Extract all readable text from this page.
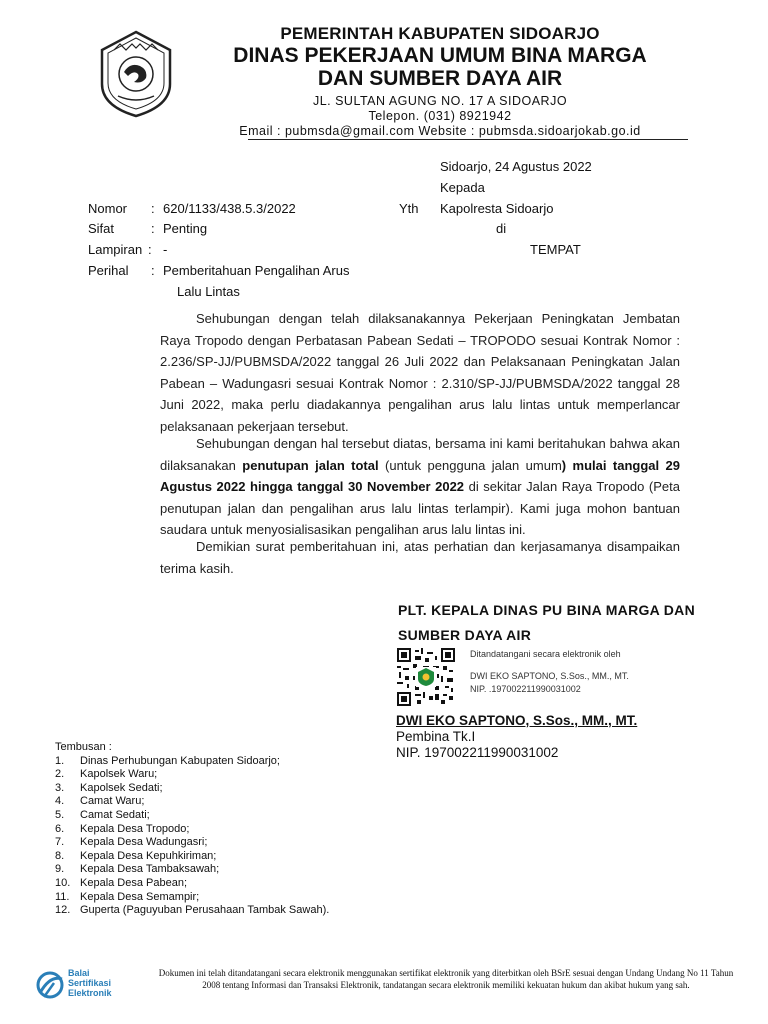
PEMERINTAH KABUPATEN SIDOARJO
DINAS PEKERJAAN UMUM BINA MARGA
DAN SUMBER DAYA AIR
JL. SULTAN AGUNG NO. 17 A SIDOARJO
Telepon. (031) 8921942
Email : pubmsda@gmail.com Website : pubmsda.sidoarjokab.go.id
Sidoarjo, 24 Agustus 2022
Kepada
Yth Kapolresta Sidoarjo
di
TEMPAT
Nomor : 620/1133/438.5.3/2022
Sifat	: Penting
Lampiran : -
Perihal : Pemberitahuan Pengalihan Arus
Lalu Lintas

Sehubungan dengan telah dilaksanakannya Pekerjaan Peningkatan Jembatan Raya Tropodo dengan Perbatasan Pabean Sedati – TROPODO sesuai Kontrak Nomor : 2.236/SP-JJ/PUBMSDA/2022 tanggal 26 Juli 2022 dan Pelaksanaan Peningkatan Jalan Pabean – Wadungasri sesuai Kontrak Nomor : 2.310/SP-JJ/PUBMSDA/2022 tanggal 28 Juni 2022, maka perlu diadakannya pengalihan arus lalu lintas untuk memperlancar pelaksanaan pekerjaan tersebut.

Sehubungan dengan hal tersebut diatas, bersama ini kami beritahukan bahwa akan dilaksanakan penutupan jalan total (untuk pengguna jalan umum) mulai tanggal 29 Agustus 2022 hingga tanggal 30 November 2022 di sekitar Jalan Raya Tropodo (Peta penutupan jalan dan pengalihan arus lalu lintas terlampir). Kami juga mohon bantuan saudara untuk menyosialisasikan pengalihan arus lalu lintas ini.

Demikian surat pemberitahuan ini, atas perhatian dan kerjasamanya disampaikan terima kasih.

PLT. KEPALA DINAS PU BINA MARGA DAN SUMBER DAYA AIR
Ditandatangani secara elektronik oleh
DWI EKO SAPTONO, S.Sos., MM., MT.
NIP. .197002211990031002
DWI EKO SAPTONO, S.Sos., MM., MT.
Pembina Tk.I
NIP. 197002211990031002
Tembusan :
1.	Dinas Perhubungan Kabupaten Sidoarjo;
2.	Kapolsek Waru;
3.	Kapolsek Sedati;
4.	Camat Waru;
5.	Camat Sedati;
6.	Kepala Desa Tropodo;
7.	Kepala Desa Wadungasri;
8.	Kepala Desa Kepuhkiriman;
9.	Kepala Desa Tambaksawah;
10. Kepala Desa Pabean;
11. Kepala Desa Semampir;
12. Guperta (Paguyuban Perusahaan Tambak Sawah).
Balai
Sertifikasi
Elektronik
Dokumen ini telah ditandatangani secara elektronik menggunakan sertifikat elektronik yang diterbitkan oleh BSrE sesuai dengan Undang Undang No 11 Tahun 2008 tentang Informasi dan Transaksi Elektronik, tandatangan secara elektronik memiliki kekuatan hukum dan akibat hukum yang sah.
